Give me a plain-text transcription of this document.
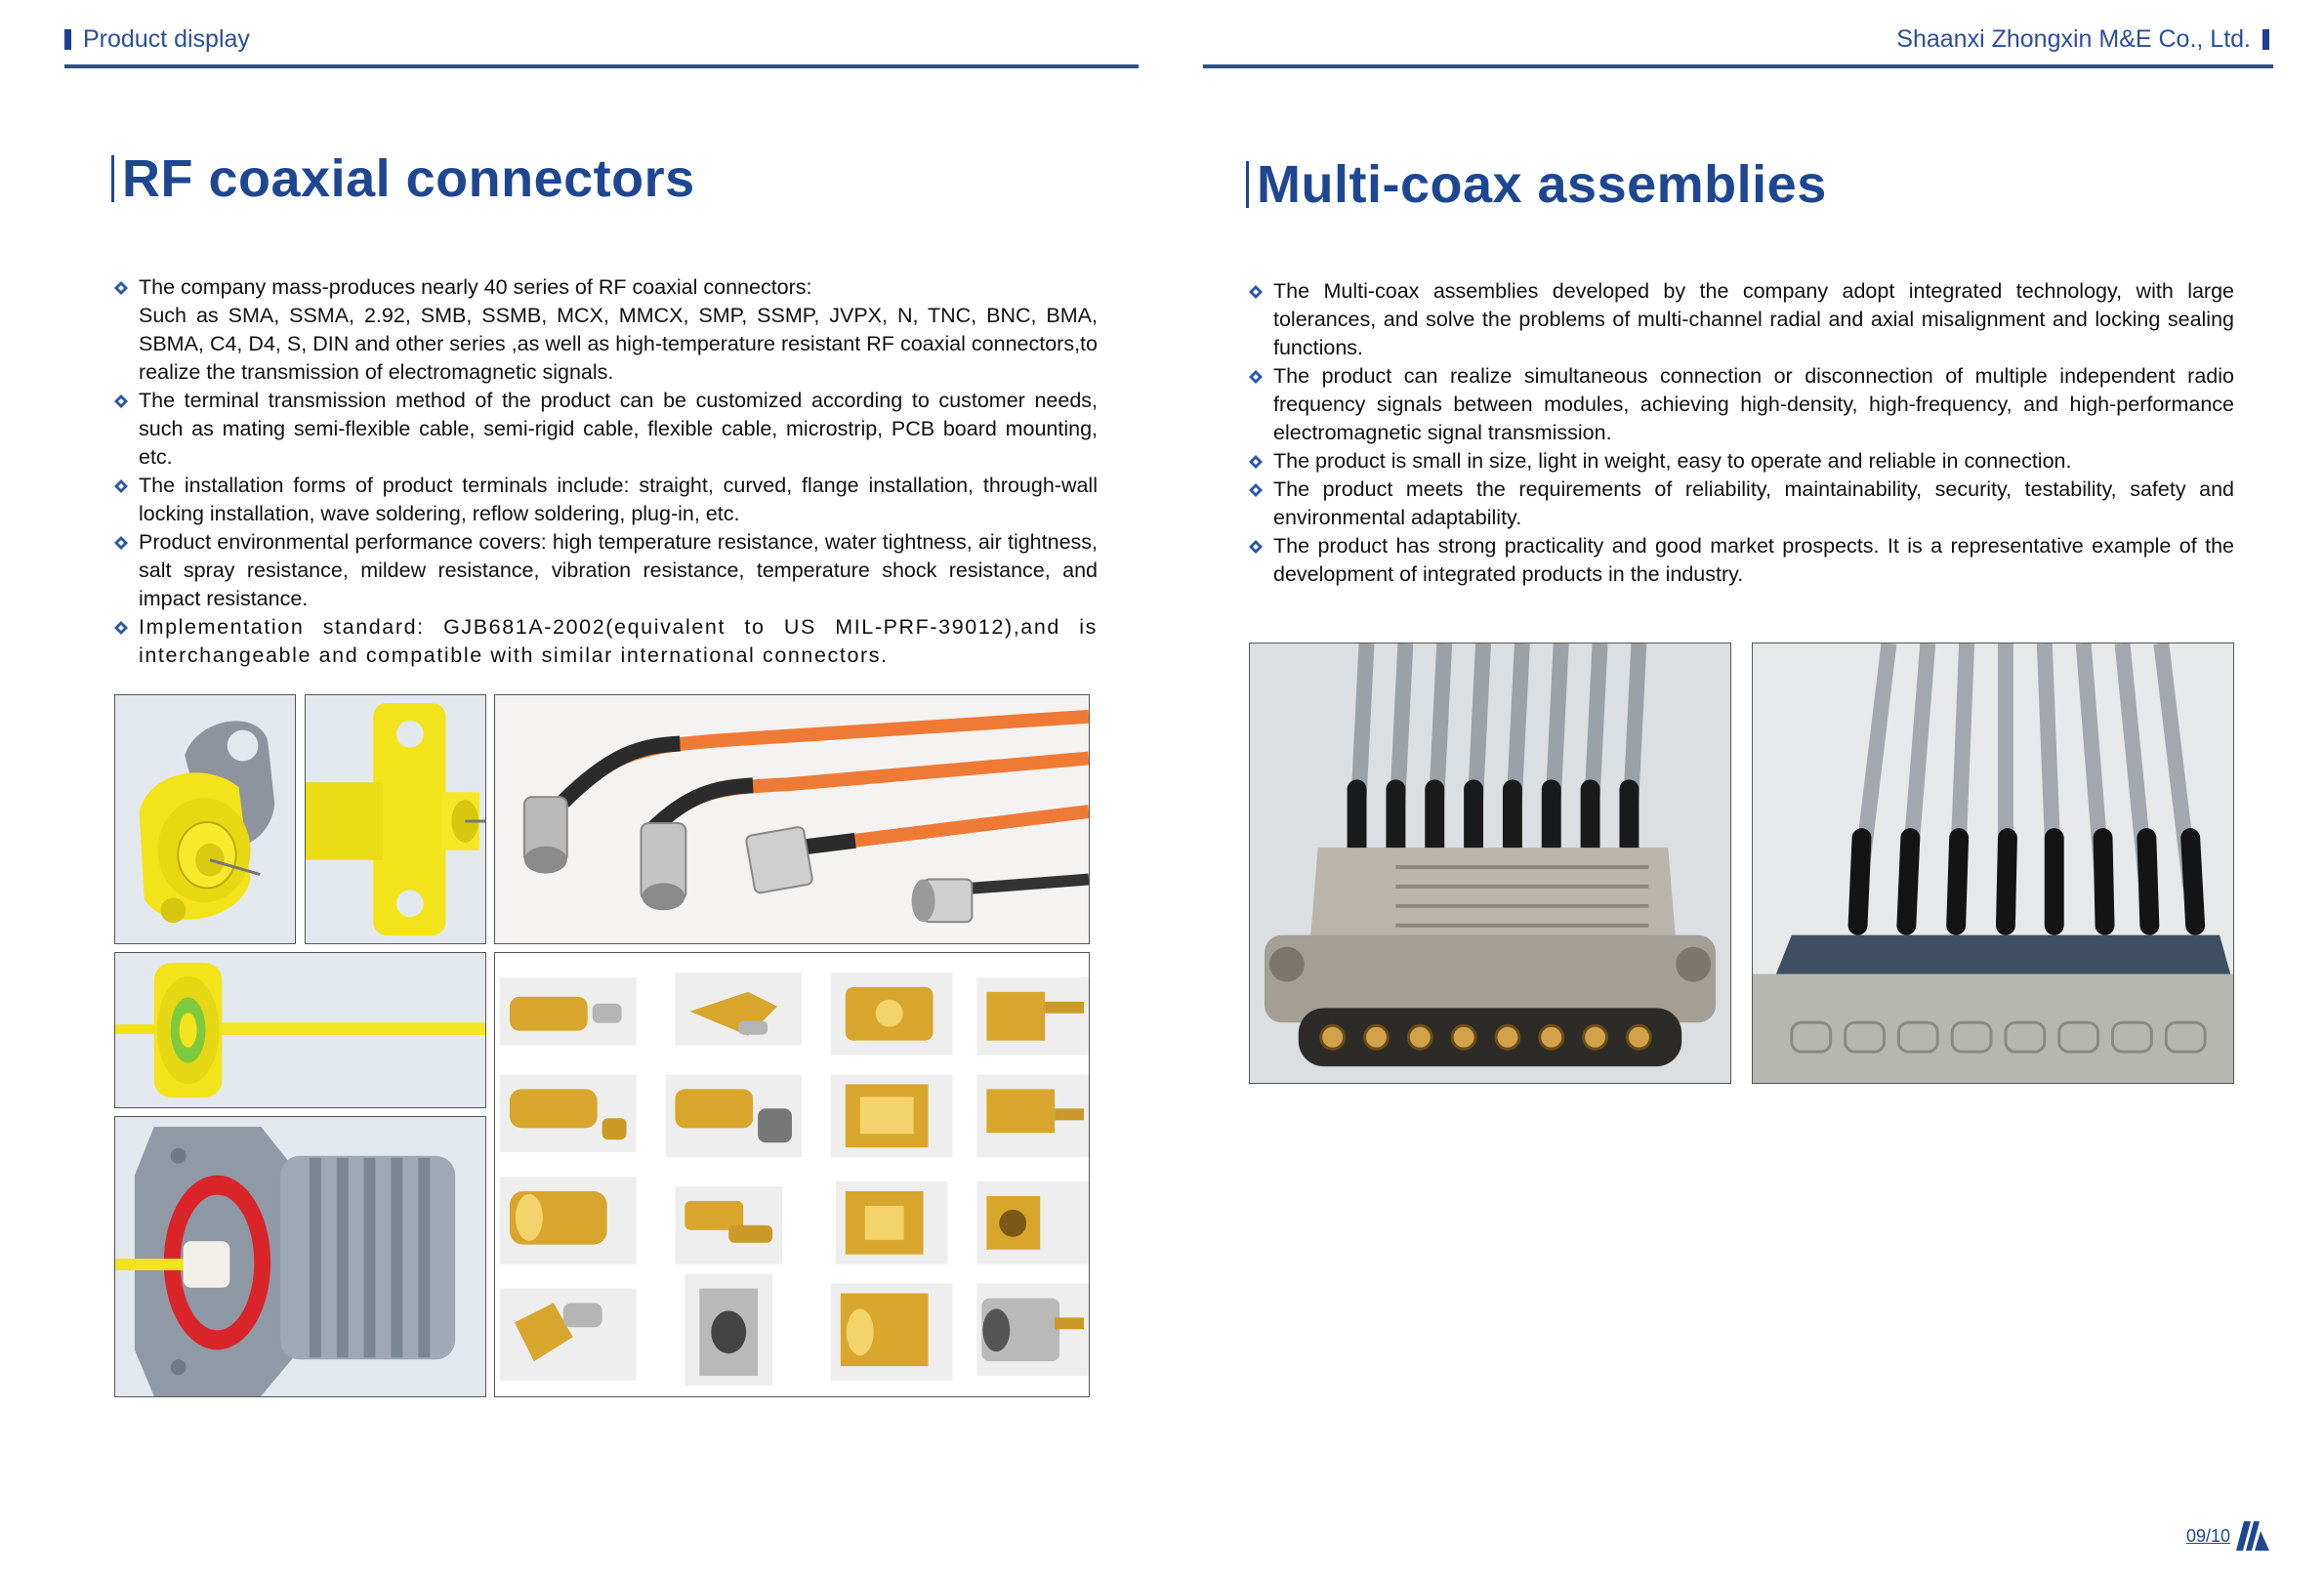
Product display	Shaanxi Zhongxin M&E Co., Ltd.
RF coaxial connectors	Multi-coax assemblies
The company mass-produces nearly 40 series of RF coaxial connectors:
Such as SMA, SSMA, 2.92, SMB, SSMB, MCX, MMCX, SMP, SSMP, JVPX, N, TNC, BNC, BMA, SBMA, C4, D4, S, DIN and other series ,as well as high-temperature resistant RF coaxial connectors,to realize the transmission of electromagnetic signals.
The terminal transmission method of the product can be customized according to customer needs, such as mating semi-flexible cable, semi-rigid cable, flexible cable, microstrip, PCB board mounting, etc.
The installation forms of product terminals include: straight, curved, flange installation, through-wall locking installation, wave soldering, reflow soldering, plug-in, etc.
Product environmental performance covers: high temperature resistance, water tightness, air tightness, salt spray resistance, mildew resistance, vibration resistance, temperature shock resistance, and impact resistance.
Implementation standard: GJB681A-2002(equivalent to US MIL-PRF-39012),and is interchangeable and compatible with similar international connectors.
The Multi-coax assemblies developed by the company adopt integrated technology, with large tolerances, and solve the problems of multi-channel radial and axial misalignment and locking sealing functions.
The product can realize simultaneous connection or disconnection of multiple independent radio frequency signals between modules, achieving high-density, high-frequency, and high-performance electromagnetic signal transmission.
The product is small in size, light in weight, easy to operate and reliable in connection.
The product meets the requirements of reliability, maintainability, security, testability, safety and environmental adaptability.
The product has strong practicality and good market prospects. It is a representative example of the development of integrated products in the industry.
09/10
